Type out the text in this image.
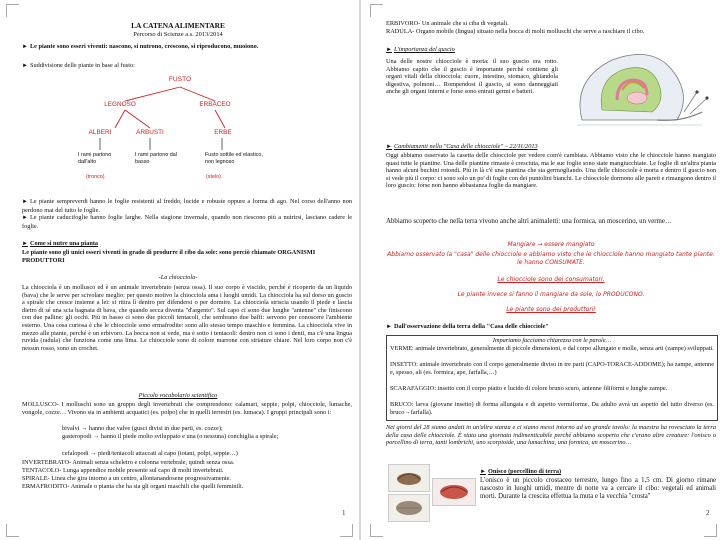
LA CATENA ALIMENTARE
Percorso di Scienze a.s. 2013/2014
► Le piante sono esseri viventi: nascono, si nutrono, crescono, si riproducono, muoiono.
► Suddivisione delle piante in base al fusto:
FUSTO
LEGNOSO	ERBACEO
ALBERI	ARBUSTI	ERBE
I rami partono dall'alto
I rami partono dal basso
Fusto sottile ed elastico, non legnoso
(tronco)	(stelo)
► Le piante sempreverdi hanno le foglie resistenti al freddo, lucide e robuste oppure a forma di ago. Nel corso dell'anno non perdono mai del tutto le foglie.
► Le piante caducifoglie hanno foglie larghe. Nella stagione invernale, quando non riescono più a nutrirsi, lasciano cadere le foglie.
► Come si nutre una pianta
Le piante sono gli unici esseri viventi in grado di produrre il cibo da sole: sono perciò chiamate ORGANISMI PRODUTTORI
-La chiocciola-
La chiocciola è un mollusco ed è un animale invertebrato (senza ossa). Il suo corpo è viscido, perché è ricoperto da un liquido (bava) che le serve per scivolare meglio: per questo motivo la chiocciola ama i luoghi umidi. La chiocciola ha sul dorso un guscio a spirale che cresce insieme a lei: si ritira lì dentro per difendersi o per dormire. La chiocciola striscia usando il piede e lascia dietro di sé una scia bagnata di bava, che quando secca diventa "d'argento". Sul capo ci sono due lunghe "antenne" che finiscono con due palline: gli occhi. Più in basso ci sono due piccoli tentacoli, che sembrano due baffi: servono per conoscere l'ambiente esterno. Una cosa curiosa è che le chiocciole sono ermafrodite: sono allo stesso tempo maschio e femmina. La chiocciola vive in mezzo alle piante, perché è un erbivoro. La bocca non si vede, ma è sotto i tentacoli: dentro non ci sono i denti, ma c'è una lingua ruvida (radula) che funziona come una lima. Le chiocciole sono di colore marrone con striature chiare. Nel loro corpo non c'è nessun rosso, sono un crochet.
Piccolo vocabolario scientifico
MOLLUSCO- I molluschi sono un gruppo degli invertebrati che comprendono: calamari, seppie, polpi, chiocciole, lumache, vongole, cozze… Vivono sia in ambienti acquatici (es. polpo) che in quelli terrestri (es. lumaca). I gruppi principali sono i:
bivalvi → hanno due valve (gusci divisi in due parti, es. cozze);
gasteropodi → hanno il piede molto sviluppato e una (o nessuna) conchiglia a spirale;
cefalopodi → piedi/tentacoli attaccati al capo (totani, polpi, seppie…)
INVERTEBRATO- Animali senza scheletro e colonna vertebrale, quindi senza ossa.
TENTACOLO- Lunga appendice mobile presente sul capo di molti invertebrati.
SPIRALE- Linea che gira intorno a un centro, allontanandosene progressivamente.
ERMAFRODITO- Animale o pianta che ha sia gli organi maschili che quelli femminili.
1
ERBIVORO- Un animale che si ciba di vegetali.
RADULA- Organo mobile (lingua) situato nella bocca di molti molluschi che serve a raschiare il cibo.
► L'importanza del guscio
Una delle nostre chiocciole è morta: il suo guscio era rotto. Abbiamo capito che il guscio è importante perché contiene gli organi vitali della chiocciola: cuore, intestino, stomaco, ghiandola digestiva, polmoni… Rompendosi il guscio, si sono danneggiati anche gli organi interni e forse sono entrati germi e batteri.
► Cambiamenti nella "Casa delle chiocciole" – 22/11/2013
Oggi abbiamo osservato la casetta delle chiocciole per vedere com'è cambiata. Abbiamo visto che le chiocciole hanno mangiato quasi tutte le piantine. Una delle piantine rimaste è cresciuta, ma le sue foglie sono state mangiucchiate. Le foglie di un'altra pianta hanno alcuni buchini rotondi. Più in là c'è una piantina che sta germogliando. Una delle chiocciole è morta e dentro il guscio non si vede più il corpo: ci sono solo un po' di foglie con dei puntolini bianchi. Le chiocciole dormono alle pareti e rimangono dentro il loro guscio: forse non hanno abbastanza foglie da mangiare.
Abbiamo scoperto che nella terra vivono anche altri animaletti: una formica, un moscerino, un verme…
Mangiare → essere mangiato
Abbiamo osservato la "casa" delle chiocciole e abbiamo visto che le chiocciole hanno mangiato tante piante: le hanno CONSUMATE.
Le chiocciole sono dei consumatori.
Le piante invece si fanno il mangiare da sole, lo PRODUCONO.
Le piante sono dei produttori!
► Dall'osservazione della terra della "Casa delle chiocciole"
Impariamo facciamo chiarezza con le parole…
VERME: animale invertebrato, generalmente di piccole dimensioni, e dal corpo allungato e molle, senza arti (zampe) sviluppati.
INSETTO: animale invertebrato con il corpo generalmente diviso in tre parti (CAPO-TORACE-ADDOME); ha zampe, antenne e, spesso, ali (es. formica, ape, farfalla,…)
SCARAFAGGIO: insetto con il corpo piatto e lucido di colore bruno scuro, antenne filiformi e lunghe zampe.
BRUCO: larva (giovane insetto) di forma allungata e di aspetto vermiforme. Da adulto avrà un aspetto del tutto diverso (es. bruco→farfalla).
Nei giorni del 28 siamo andati in un'altra stanza e ci siamo messi intorno ad un grande tavolo: la maestra ha rovesciato la terra della casa delle chiocciole. È stata una giornata indimenticabile perché abbiamo scoperto che c'erano altre creature: l'onisco o porcellino di terra, tanti lombrichi, uno scorpioide, una lumachina, una formica, un moscerino…
► Onisco (porcellino di terra)
L'onisco è un piccolo crostaceo terrestre, lungo fino a 1,5 cm. Di giorno rimane nascosto in luoghi umidi, mentre di notte va a cercare il cibo: vegetali ed animali morti. Durante la crescita effettua la muta e la vecchia "crosta"
2
